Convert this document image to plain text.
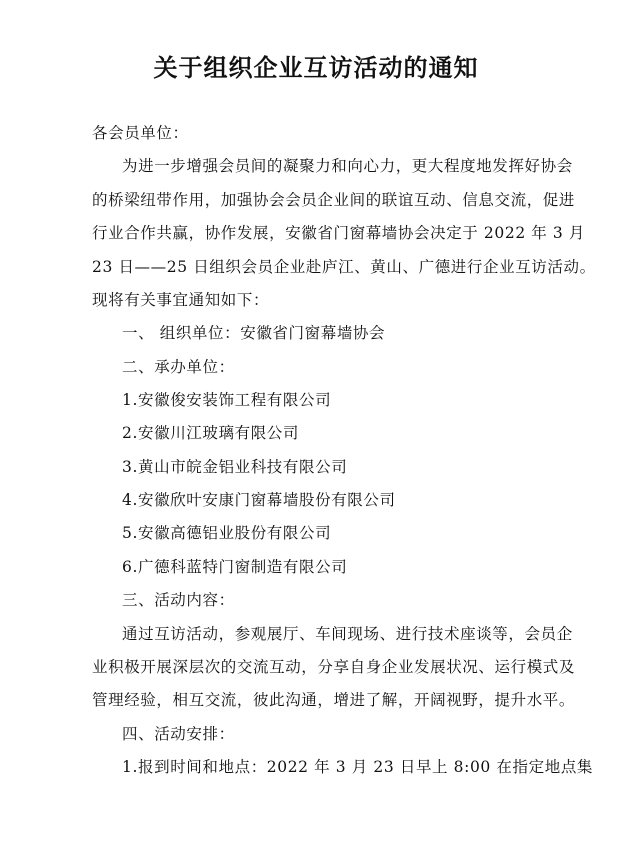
关于组织企业互访活动的通知
各会员单位：
为进一步增强会员间的凝聚力和向心力，更大程度地发挥好协会
的桥梁纽带作用，加强协会会员企业间的联谊互动、信息交流，促进
行业合作共赢，协作发展，安徽省门窗幕墙协会决定于 2022 年 3 月
23 日——25 日组织会员企业赴庐江、黄山、广德进行企业互访活动。
现将有关事宜通知如下：
一、 组织单位：安徽省门窗幕墙协会
二、承办单位：
1.安徽俊安装饰工程有限公司
2.安徽川江玻璃有限公司
3.黄山市皖金铝业科技有限公司
4.安徽欣叶安康门窗幕墙股份有限公司
5.安徽高德铝业股份有限公司
6.广德科蓝特门窗制造有限公司
三、活动内容：
通过互访活动，参观展厅、车间现场、进行技术座谈等，会员企
业积极开展深层次的交流互动，分享自身企业发展状况、运行模式及
管理经验，相互交流，彼此沟通，增进了解，开阔视野，提升水平。
四、活动安排：
1.报到时间和地点：2022 年 3 月 23 日早上 8:00 在指定地点集
